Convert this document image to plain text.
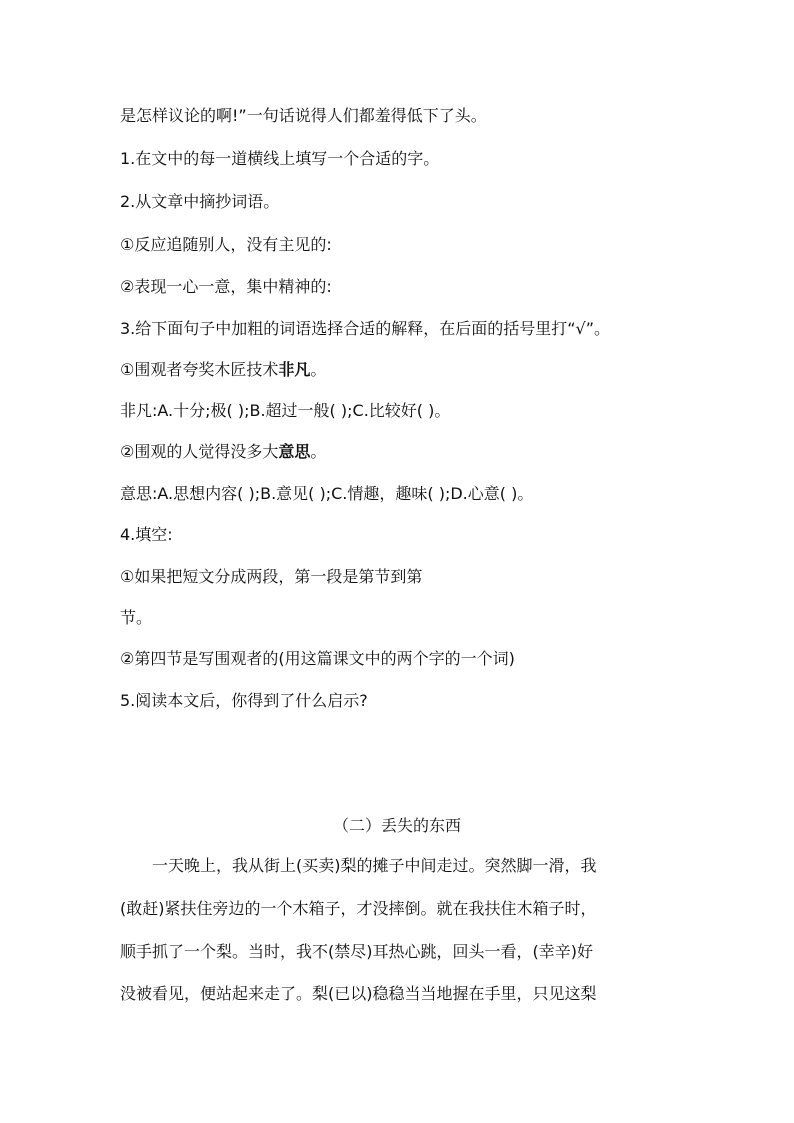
是怎样议论的啊!”一句话说得人们都羞得低下了头。
1.在文中的每一道横线上填写一个合适的字。
2.从文章中摘抄词语。
①反应追随别人，没有主见的:
②表现一心一意，集中精神的:
3.给下面句子中加粗的词语选择合适的解释，在后面的括号里打“√”。
①围观者夸奖木匠技术非凡。
非凡:A.十分;极( );B.超过一般( );C.比较好( )。
②围观的人觉得没多大意思。
意思:A.思想内容( );B.意见( );C.情趣，趣味( );D.心意( )。
4.填空:
①如果把短文分成两段，第一段是第节到第
节。
②第四节是写围观者的(用这篇课文中的两个字的一个词)
5.阅读本文后，你得到了什么启示?
（二）丢失的东西
一天晚上，我从街上(买卖)梨的摊子中间走过。突然脚一滑，我
(敢赶)紧扶住旁边的一个木箱子，才没摔倒。就在我扶住木箱子时，
顺手抓了一个梨。当时，我不(禁尽)耳热心跳，回头一看，(幸辛)好
没被看见，便站起来走了。梨(已以)稳稳当当地握在手里，只见这梨
